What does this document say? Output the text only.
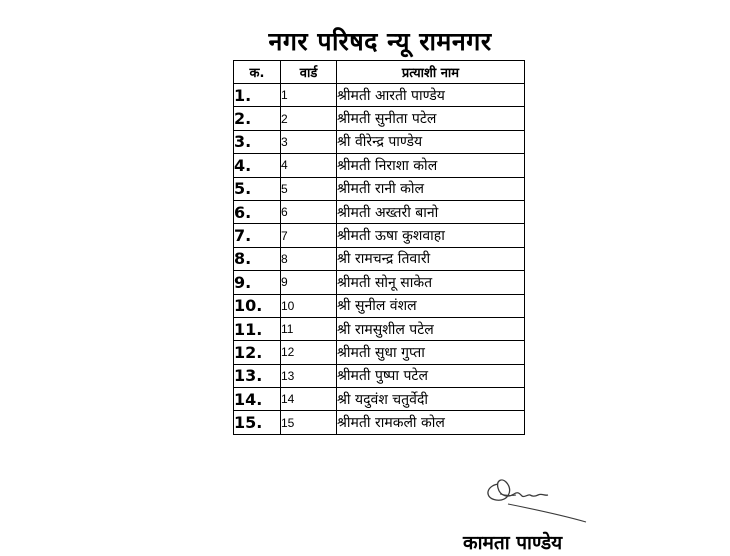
नगर परिषद न्यू रामनगर
क.	वार्ड	प्रत्याशी नाम
1.	1	श्रीमती आरती पाण्डेय
2.	2	श्रीमती सुनीता पटेल
3.	3	श्री वीरेन्द्र पाण्डेय
4.	4	श्रीमती निराशा कोल
5.	5	श्रीमती रानी कोल
6.	6	श्रीमती अख्तरी बानो
7.	7	श्रीमती ऊषा कुशवाहा
8.	8	श्री रामचन्द्र तिवारी
9.	9	श्रीमती सोनू साकेत
10.	10	श्री सुनील वंशल
11.	11	श्री रामसुशील पटेल
12.	12	श्रीमती सुधा गुप्ता
13.	13	श्रीमती पुष्पा पटेल
14.	14	श्री यदुवंश चतुर्वेदी
15.	15	श्रीमती रामकली कोल
कामता पाण्डेय
